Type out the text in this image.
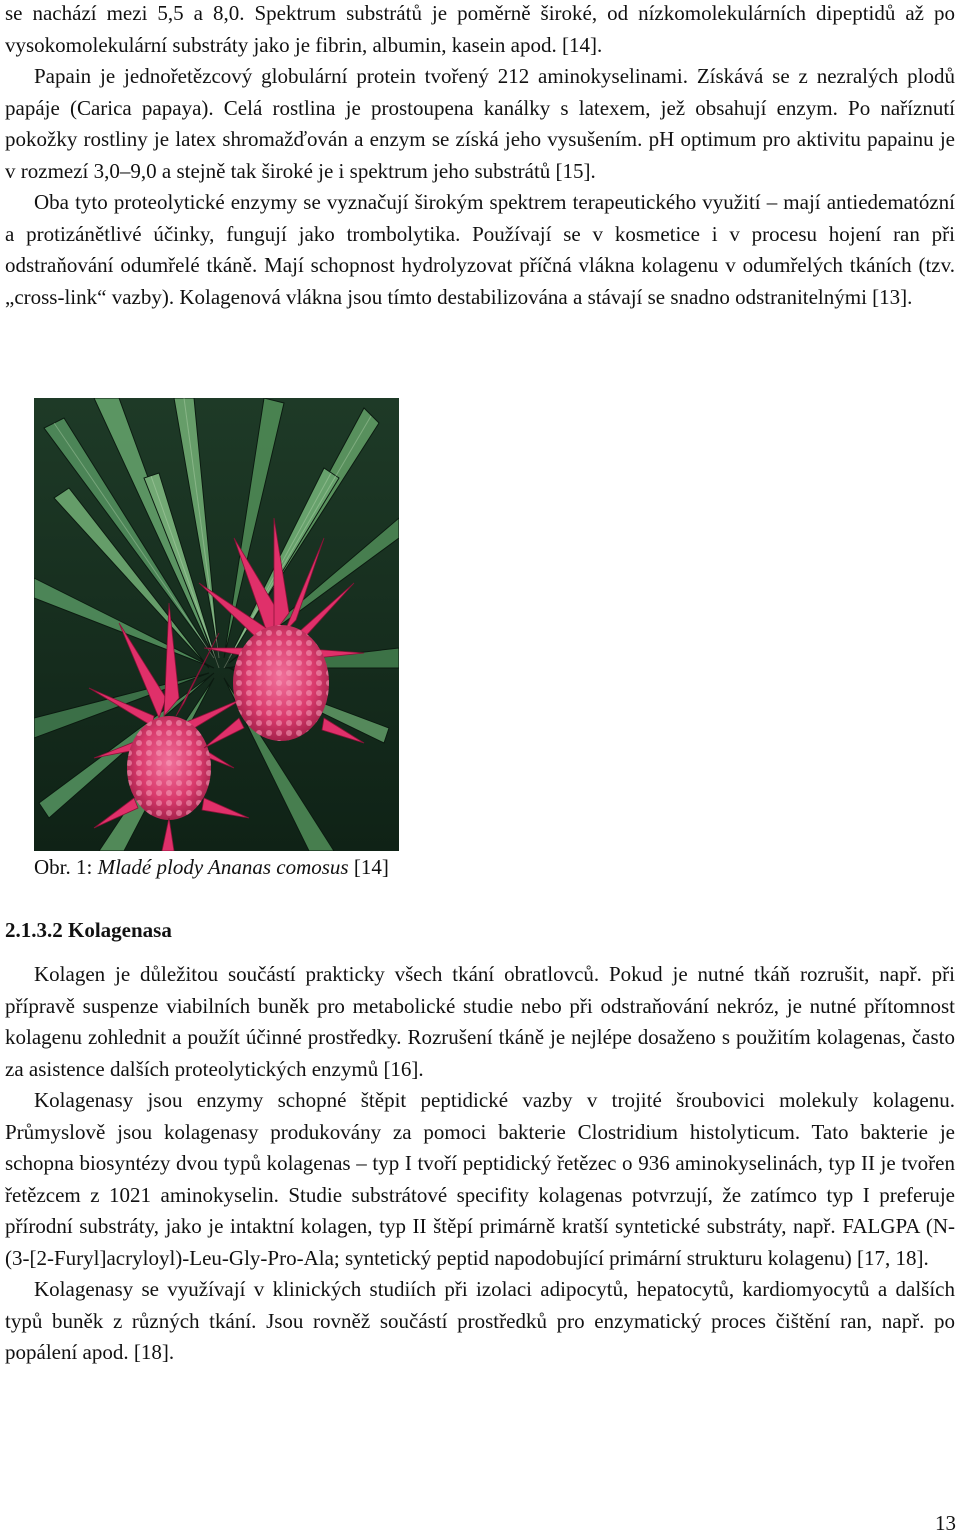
se nachází mezi 5,5 a 8,0. Spektrum substrátů je poměrně široké, od nízkomolekulárních dipeptidů až po vysokomolekulární substráty jako je fibrin, albumin, kasein apod. [14].

Papain je jednořetězcový globulární protein tvořený 212 aminokyselinami. Získává se z nezralých plodů papáje (Carica papaya). Celá rostlina je prostoupena kanálky s latexem, jež obsahují enzym. Po naříznutí pokožky rostliny je latex shromažďován a enzym se získá jeho vysušením. pH optimum pro aktivitu papainu je v rozmezí 3,0–9,0 a stejně tak široké je i spektrum jeho substrátů [15].

Oba tyto proteolytické enzymy se vyznačují širokým spektrem terapeutického využití – mají antiedematózní a protizánětlivé účinky, fungují jako trombolytika. Používají se v kosmetice i v procesu hojení ran při odstraňování odumřelé tkáně. Mají schopnost hydrolyzovat příčná vlákna kolagenu v odumřelých tkáních (tzv. „cross-link“ vazby). Kolagenová vlákna jsou tímto destabilizována a stávají se snadno odstranitelnými [13].

Obr. 1: Mladé plody Ananas comosus [14]
2.1.3.2 Kolagenasa

Kolagen je důležitou součástí prakticky všech tkání obratlovců. Pokud je nutné tkáň rozrušit, např. při přípravě suspenze viabilních buněk pro metabolické studie nebo při odstraňování nekróz, je nutné přítomnost kolagenu zohlednit a použít účinné prostředky. Rozrušení tkáně je nejlépe dosaženo s použitím kolagenas, často za asistence dalších proteolytických enzymů [16].

Kolagenasy jsou enzymy schopné štěpit peptidické vazby v trojité šroubovici molekuly kolagenu. Průmyslově jsou kolagenasy produkovány za pomoci bakterie Clostridium histolyticum. Tato bakterie je schopna biosyntézy dvou typů kolagenas – typ I tvoří peptidický řetězec o 936 aminokyselinách, typ II je tvořen řetězcem z 1021 aminokyselin. Studie substrátové specifity kolagenas potvrzují, že zatímco typ I preferuje přírodní substráty, jako je intaktní kolagen, typ II štěpí primárně kratší syntetické substráty, např. FALGPA (N-(3-[2-Furyl]acryloyl)-Leu-Gly-Pro-Ala; syntetický peptid napodobující primární strukturu kolagenu) [17, 18].

Kolagenasy se využívají v klinických studiích při izolaci adipocytů, hepatocytů, kardiomyocytů a dalších typů buněk z různých tkání. Jsou rovněž součástí prostředků pro enzymatický proces čištění ran, např. po popálení apod. [18].

13
